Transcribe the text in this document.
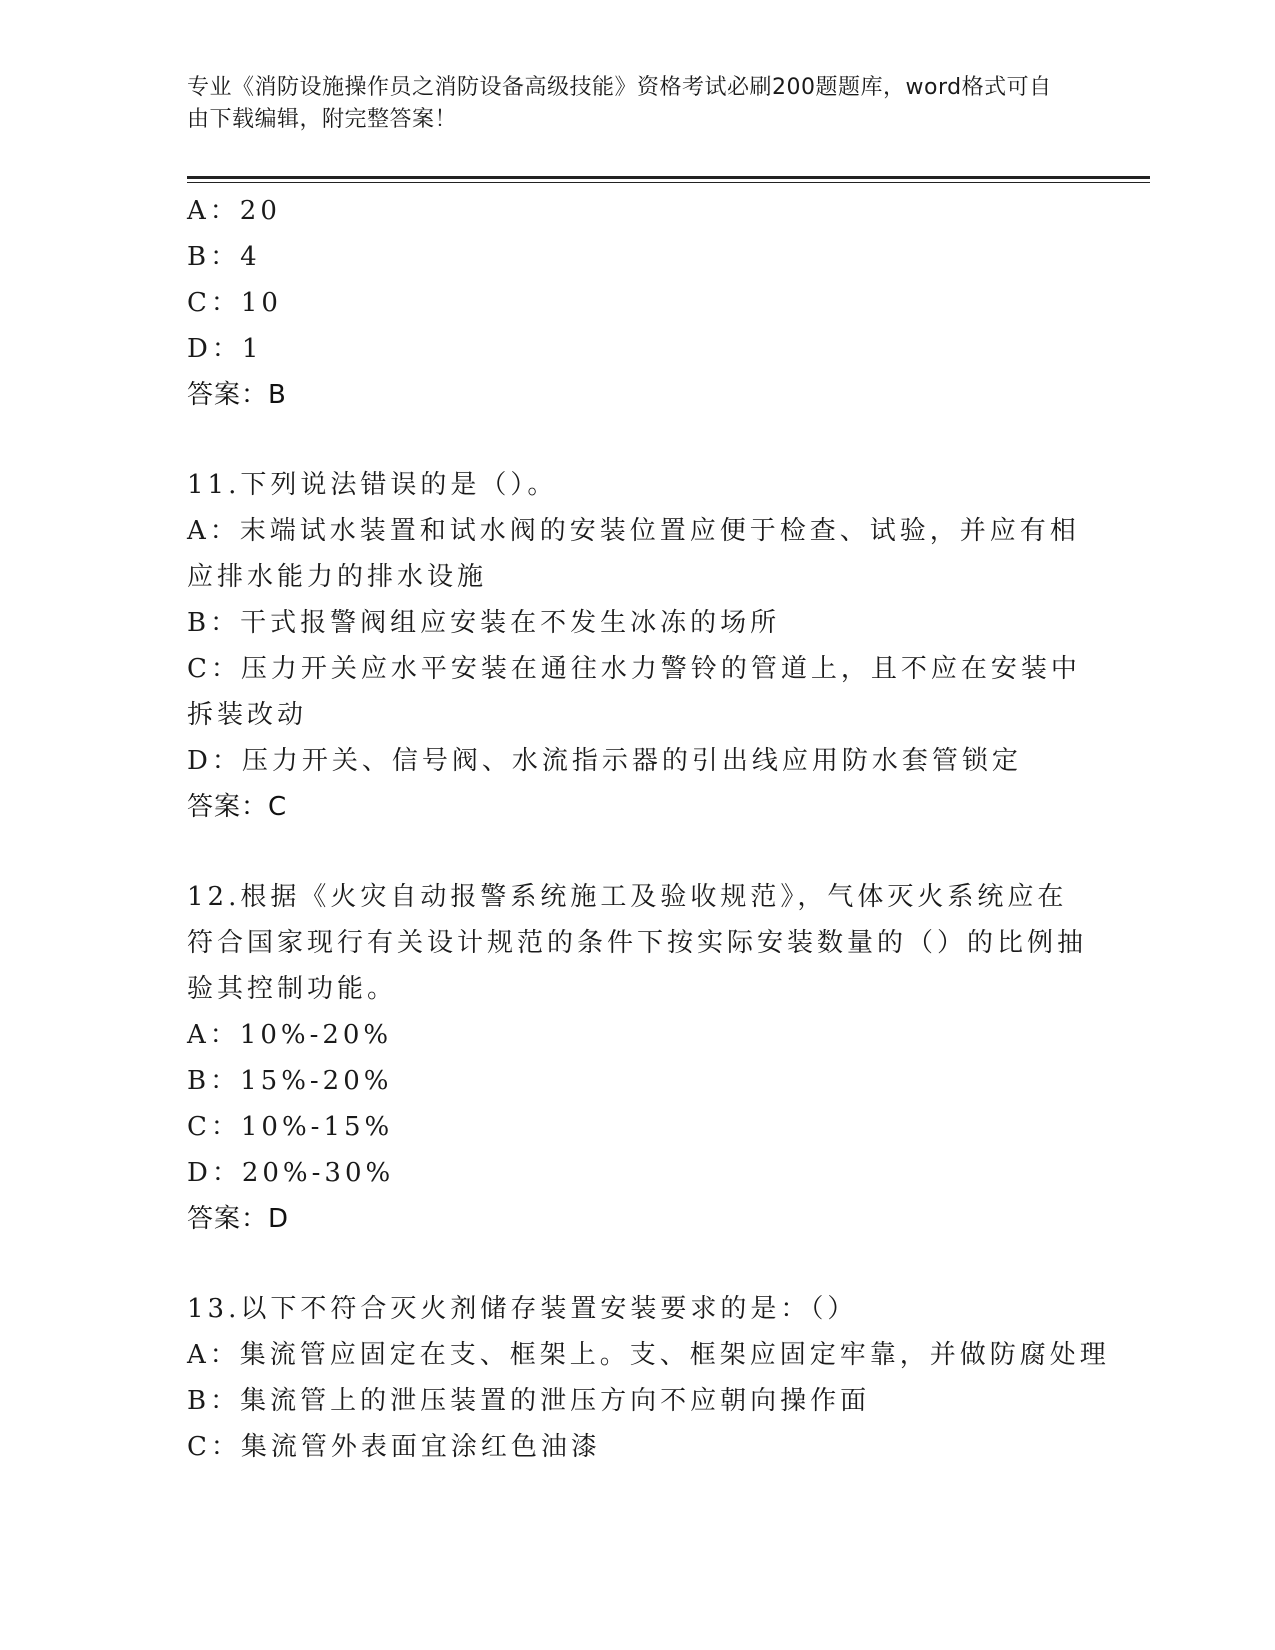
专业《消防设施操作员之消防设备高级技能》资格考试必刷200题题库，word格式可自由下载编辑，附完整答案！
A：20
B：4
C：10
D：1
答案：B
11.下列说法错误的是（）。
A：末端试水装置和试水阀的安装位置应便于检查、试验，并应有相应排水能力的排水设施
B：干式报警阀组应安装在不发生冰冻的场所
C：压力开关应水平安装在通往水力警铃的管道上，且不应在安装中拆装改动
D：压力开关、信号阀、水流指示器的引出线应用防水套管锁定
答案：C
12.根据《火灾自动报警系统施工及验收规范》，气体灭火系统应在符合国家现行有关设计规范的条件下按实际安装数量的（）的比例抽验其控制功能。
A：10%-20%
B：15%-20%
C：10%-15%
D：20%-30%
答案：D
13.以下不符合灭火剂储存装置安装要求的是：（）
A：集流管应固定在支、框架上。支、框架应固定牢靠，并做防腐处理
B：集流管上的泄压装置的泄压方向不应朝向操作面
C：集流管外表面宜涂红色油漆
